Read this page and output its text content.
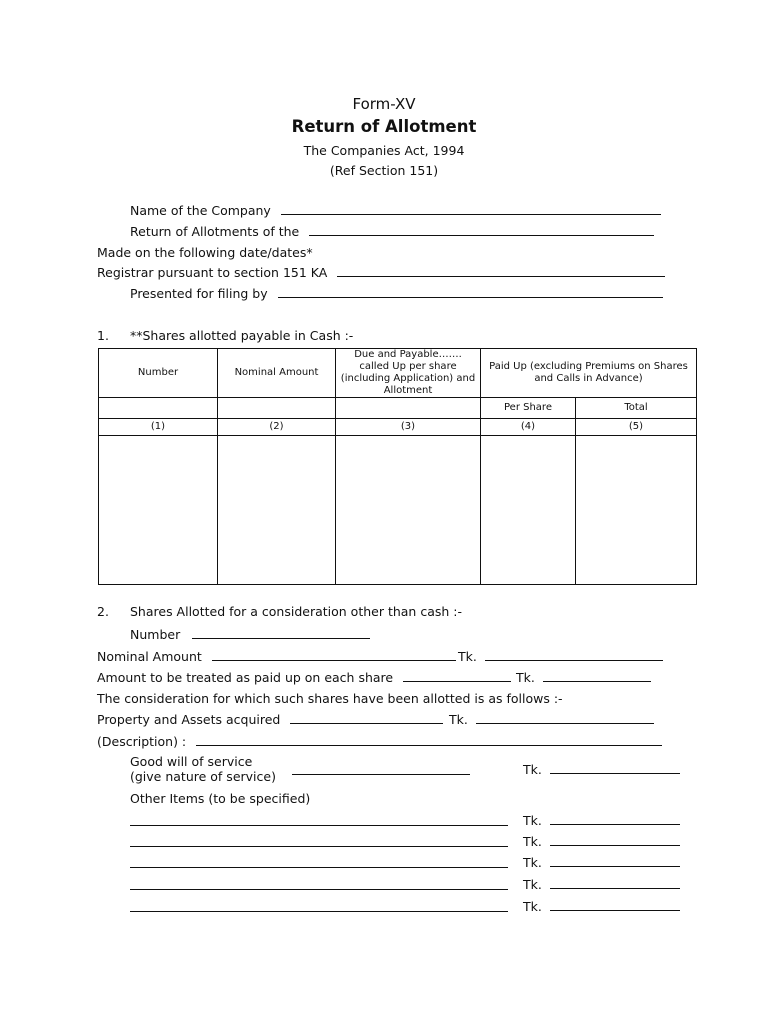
Form-XV
Return of Allotment
The Companies Act, 1994
(Ref Section 151)
Name of the Company
Return of Allotments of the
Made on the following date/dates*
Registrar pursuant to section 151 KA
Presented for filing by
1. **Shares allotted payable in Cash :-
Number	Nominal Amount	Due and Payable……. called Up per share (including Application) and Allotment	Paid Up (excluding Premiums on Shares and Calls in Advance)	
			Per Share	Total
(1)	(2)	(3)	(4)	(5)

2. Shares Allotted for a consideration other than cash :-
Number
Nominal Amount	Tk.
Amount to be treated as paid up on each share	Tk.
The consideration for which such shares have been allotted is as follows :-
Property and Assets acquired	Tk.
(Description) :
Good will of service
(give nature of service)	Tk.
Other Items (to be specified)
Tk.
Tk.
Tk.
Tk.
Tk.
